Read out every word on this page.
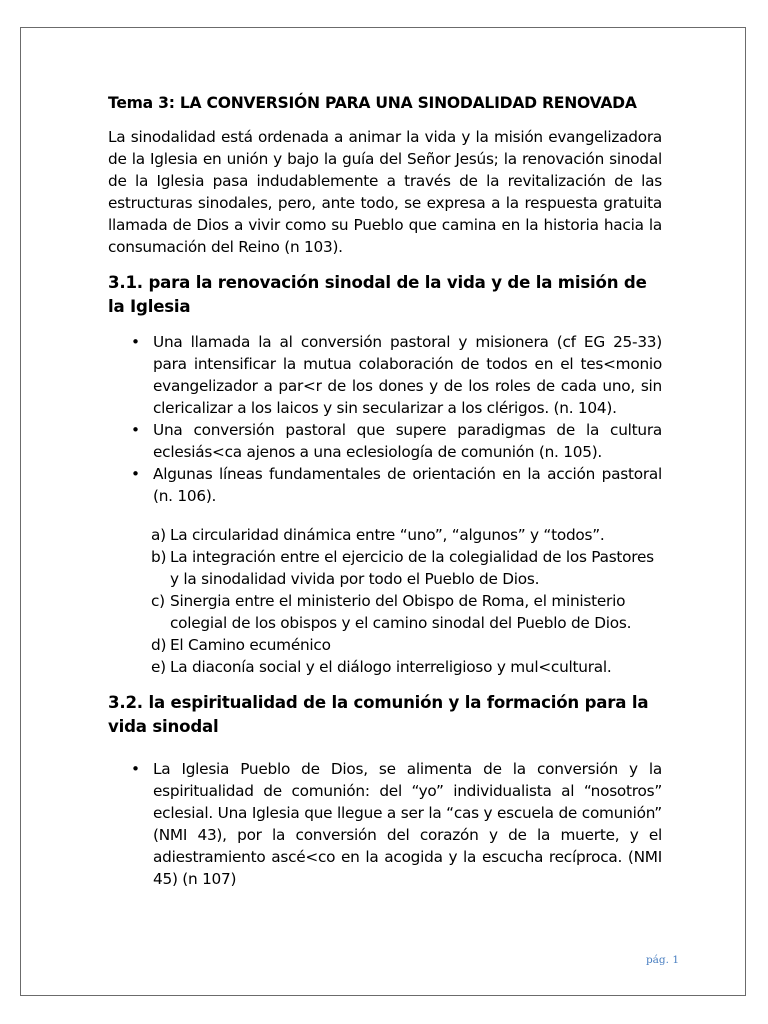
Tema 3: LA CONVERSIÓN PARA UNA SINODALIDAD RENOVADA

La sinodalidad está ordenada a animar la vida y la misión evangelizadora de la Iglesia en unión y bajo la guía del Señor Jesús; la renovación sinodal de la Iglesia pasa indudablemente a través de la revitalización de las estructuras sinodales, pero, ante todo, se expresa a la respuesta gratuita llamada de Dios a vivir como su Pueblo que camina en la historia hacia la consumación del Reino (n 103).

3.1. para la renovación sinodal de la vida y de la misión de la Iglesia
• Una llamada la al conversión pastoral y misionera (cf EG 25-33) para intensificar la mutua colaboración de todos en el tes<monio evangelizador a par<r de los dones y de los roles de cada uno, sin clericalizar a los laicos y sin secularizar a los clérigos. (n. 104).
• Una conversión pastoral que supere paradigmas de la cultura eclesiás<ca ajenos a una eclesiología de comunión (n. 105).
• Algunas líneas fundamentales de orientación en la acción pastoral (n. 106).
a) La circularidad dinámica entre “uno”, “algunos” y “todos”.
b) La integración entre el ejercicio de la colegialidad de los Pastores y la sinodalidad vivida por todo el Pueblo de Dios.
c) Sinergia entre el ministerio del Obispo de Roma, el ministerio colegial de los obispos y el camino sinodal del Pueblo de Dios.
d) El Camino ecuménico
e) La diaconía social y el diálogo interreligioso y mul<cultural.
3.2. la espiritualidad de la comunión y la formación para la vida sinodal
• La Iglesia Pueblo de Dios, se alimenta de la conversión y la espiritualidad de comunión: del “yo” individualista al “nosotros” eclesial. Una Iglesia que llegue a ser la “cas y escuela de comunión” (NMI 43), por la conversión del corazón y de la muerte, y el adiestramiento ascé<co en la acogida y la escucha recíproca. (NMI 45) (n 107)
pág. 1
